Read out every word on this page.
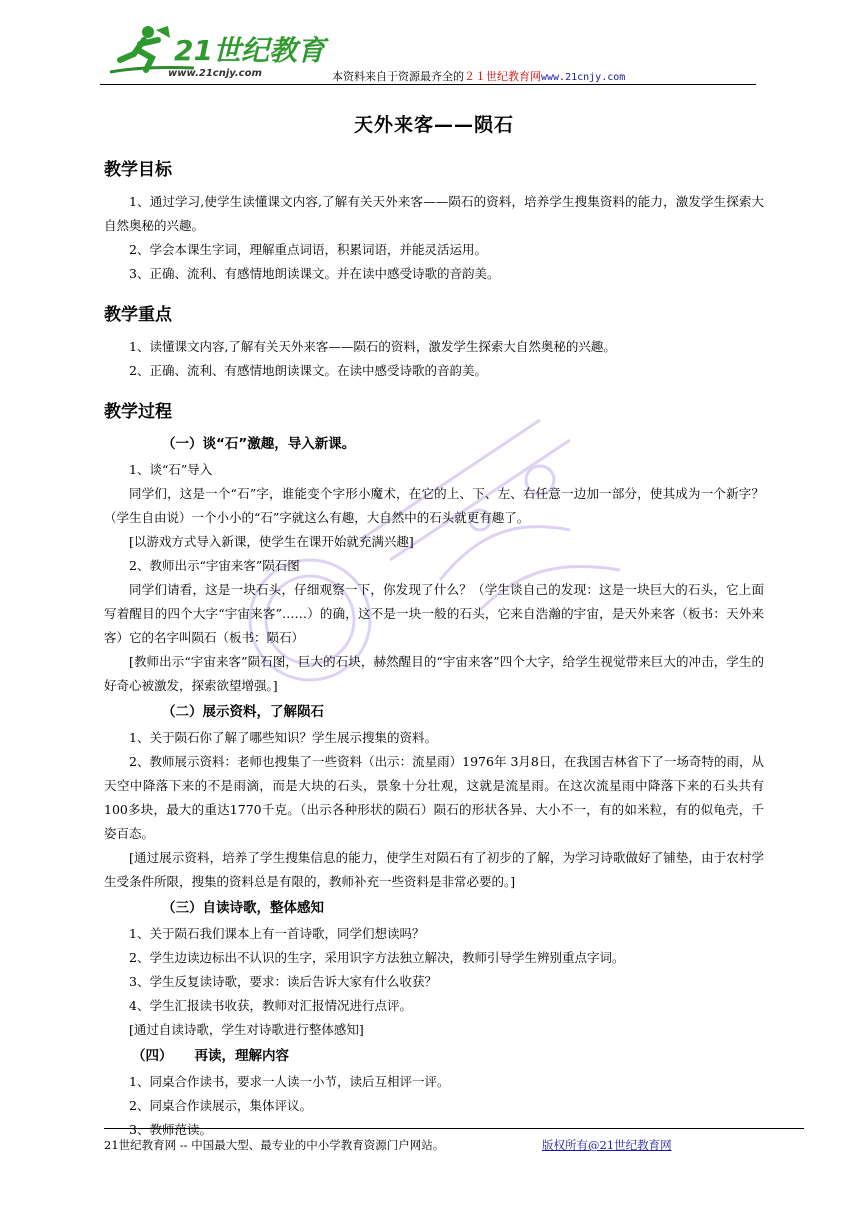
21世纪教育
www.21cnjy.com	本资料来自于资源最齐全的２１世纪教育网www.21cnjy.com
天外来客——陨石
教学目标

1、通过学习,使学生读懂课文内容,了解有关天外来客——陨石的资料，培养学生搜集资料的能力，激发学生探索大自然奥秘的兴趣。

2、学会本课生字词，理解重点词语，积累词语，并能灵活运用。

3、正确、流利、有感情地朗读课文。并在读中感受诗歌的音韵美。

教学重点

1、读懂课文内容,了解有关天外来客——陨石的资料，激发学生探索大自然奥秘的兴趣。

2、正确、流利、有感情地朗读课文。在读中感受诗歌的音韵美。

教学过程
（一）谈“石”激趣，导入新课。

1、谈“石”导入

同学们，这是一个“石”字，谁能变个字形小魔术，在它的上、下、左、右任意一边加一部分，使其成为一个新字？（学生自由说）一个小小的“石”字就这么有趣，大自然中的石头就更有趣了。

[以游戏方式导入新课，使学生在课开始就充满兴趣]

2、教师出示“宇宙来客”陨石图

同学们请看，这是一块石头，仔细观察一下，你发现了什么？（学生谈自己的发现：这是一块巨大的石头，它上面写着醒目的四个大字“宇宙来客”……）的确，这不是一块一般的石头，它来自浩瀚的宇宙，是天外来客（板书：天外来客）它的名字叫陨石（板书：陨石）

[教师出示“宇宙来客”陨石图，巨大的石块，赫然醒目的“宇宙来客”四个大字，给学生视觉带来巨大的冲击，学生的好奇心被激发，探索欲望增强。]

（二）展示资料，了解陨石

1、关于陨石你了解了哪些知识？学生展示搜集的资料。

2、教师展示资料：老师也搜集了一些资料（出示：流星雨）1976年 3月8日，在我国吉林省下了一场奇特的雨，从天空中降落下来的不是雨滴，而是大块的石头，景象十分壮观，这就是流星雨。在这次流星雨中降落下来的石头共有100多块，最大的重达1770千克。（出示各种形状的陨石）陨石的形状各异、大小不一，有的如米粒，有的似龟壳，千姿百态。

[通过展示资料，培养了学生搜集信息的能力，使学生对陨石有了初步的了解，为学习诗歌做好了铺垫，由于农村学生受条件所限，搜集的资料总是有限的，教师补充一些资料是非常必要的。]

（三）自读诗歌，整体感知

1、关于陨石我们课本上有一首诗歌，同学们想读吗？

2、学生边读边标出不认识的生字，采用识字方法独立解决，教师引导学生辨别重点字词。

3、学生反复读诗歌，要求：读后告诉大家有什么收获？

4、学生汇报读书收获，教师对汇报情况进行点评。

[通过自读诗歌，学生对诗歌进行整体感知]

（四） 再读，理解内容

1、同桌合作读书，要求一人读一小节，读后互相评一评。

2、同桌合作读展示，集体评议。

3、教师范读。

21世纪教育网 -- 中国最大型、最专业的中小学教育资源门户网站。	版权所有@21世纪教育网
